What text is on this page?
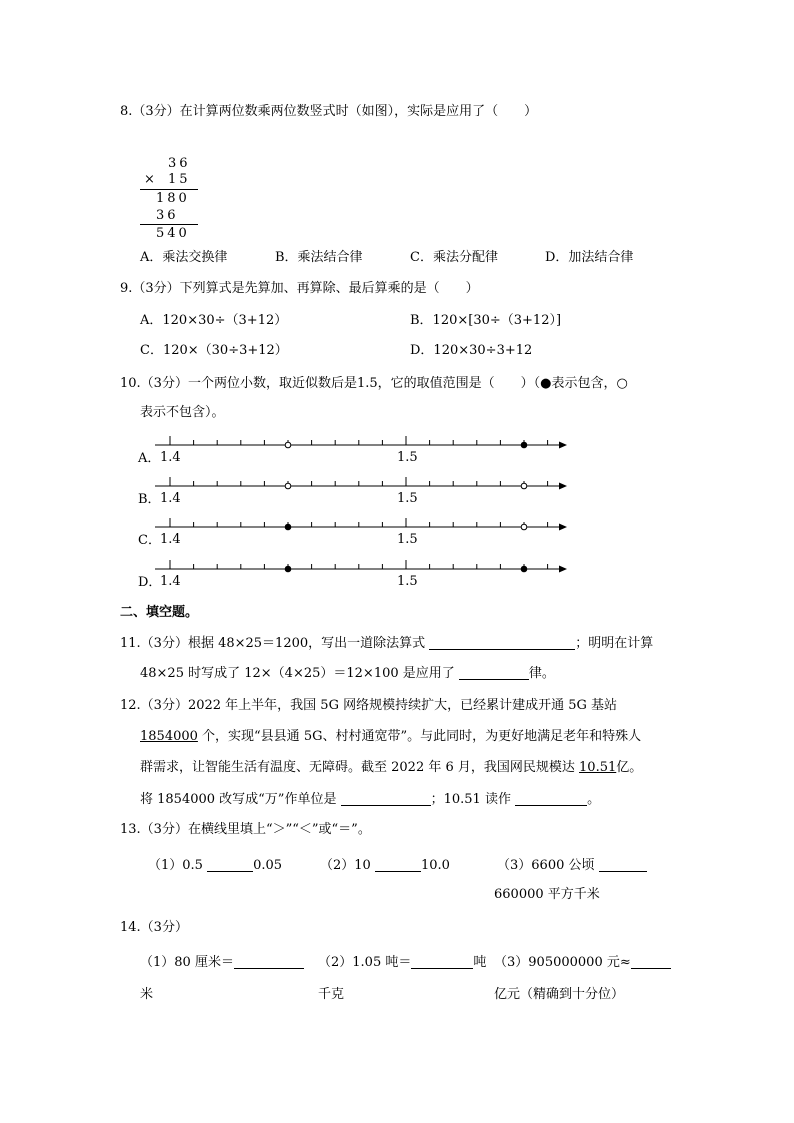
8.（3分）在计算两位数乘两位数竖式时（如图），实际是应用了（　　）
36
× 15
180
36
540
A．乘法交换律	B．乘法结合律	C．乘法分配律	D．加法结合律
9.（3分）下列算式是先算加、再算除、最后算乘的是（　　）
A．120×30÷（3+12）	B．120×[30÷（3+12）]
C．120×（30÷3+12）	D．120×30÷3+12
10.（3分）一个两位小数，取近似数后是1.5，它的取值范围是（　　）（●表示包含，○
表示不包含）。
A．
B．
C．
D．
1.4	1.5
1.4	1.5
1.4	1.5
1.4	1.5
二、填空题。
11.（3分）根据 48×25＝1200，写出一道除法算式	；明明在计算
48×25 时写成了 12×（4×25）＝12×100 是应用了	律。
12.（3分）2022 年上半年，我国 5G 网络规模持续扩大，已经累计建成开通 5G 基站
1854000 个，实现“县县通 5G、村村通宽带”。与此同时，为更好地满足老年和特殊人
群需求，让智能生活有温度、无障碍。截至 2022 年 6 月，我国网民规模达 10.51亿。
将 1854000 改写成“万”作单位是	；10.51 读作	。
13.（3分）在横线里填上“＞”“＜”或“＝”。
（1）0.5	0.05	（2）10	10.0	（3）6600 公顷
660000 平方千米
14.（3分）
（1）80 厘米＝
米
（2）1.05 吨＝	吨
千克
（3）905000000 元≈
亿元（精确到十分位）
